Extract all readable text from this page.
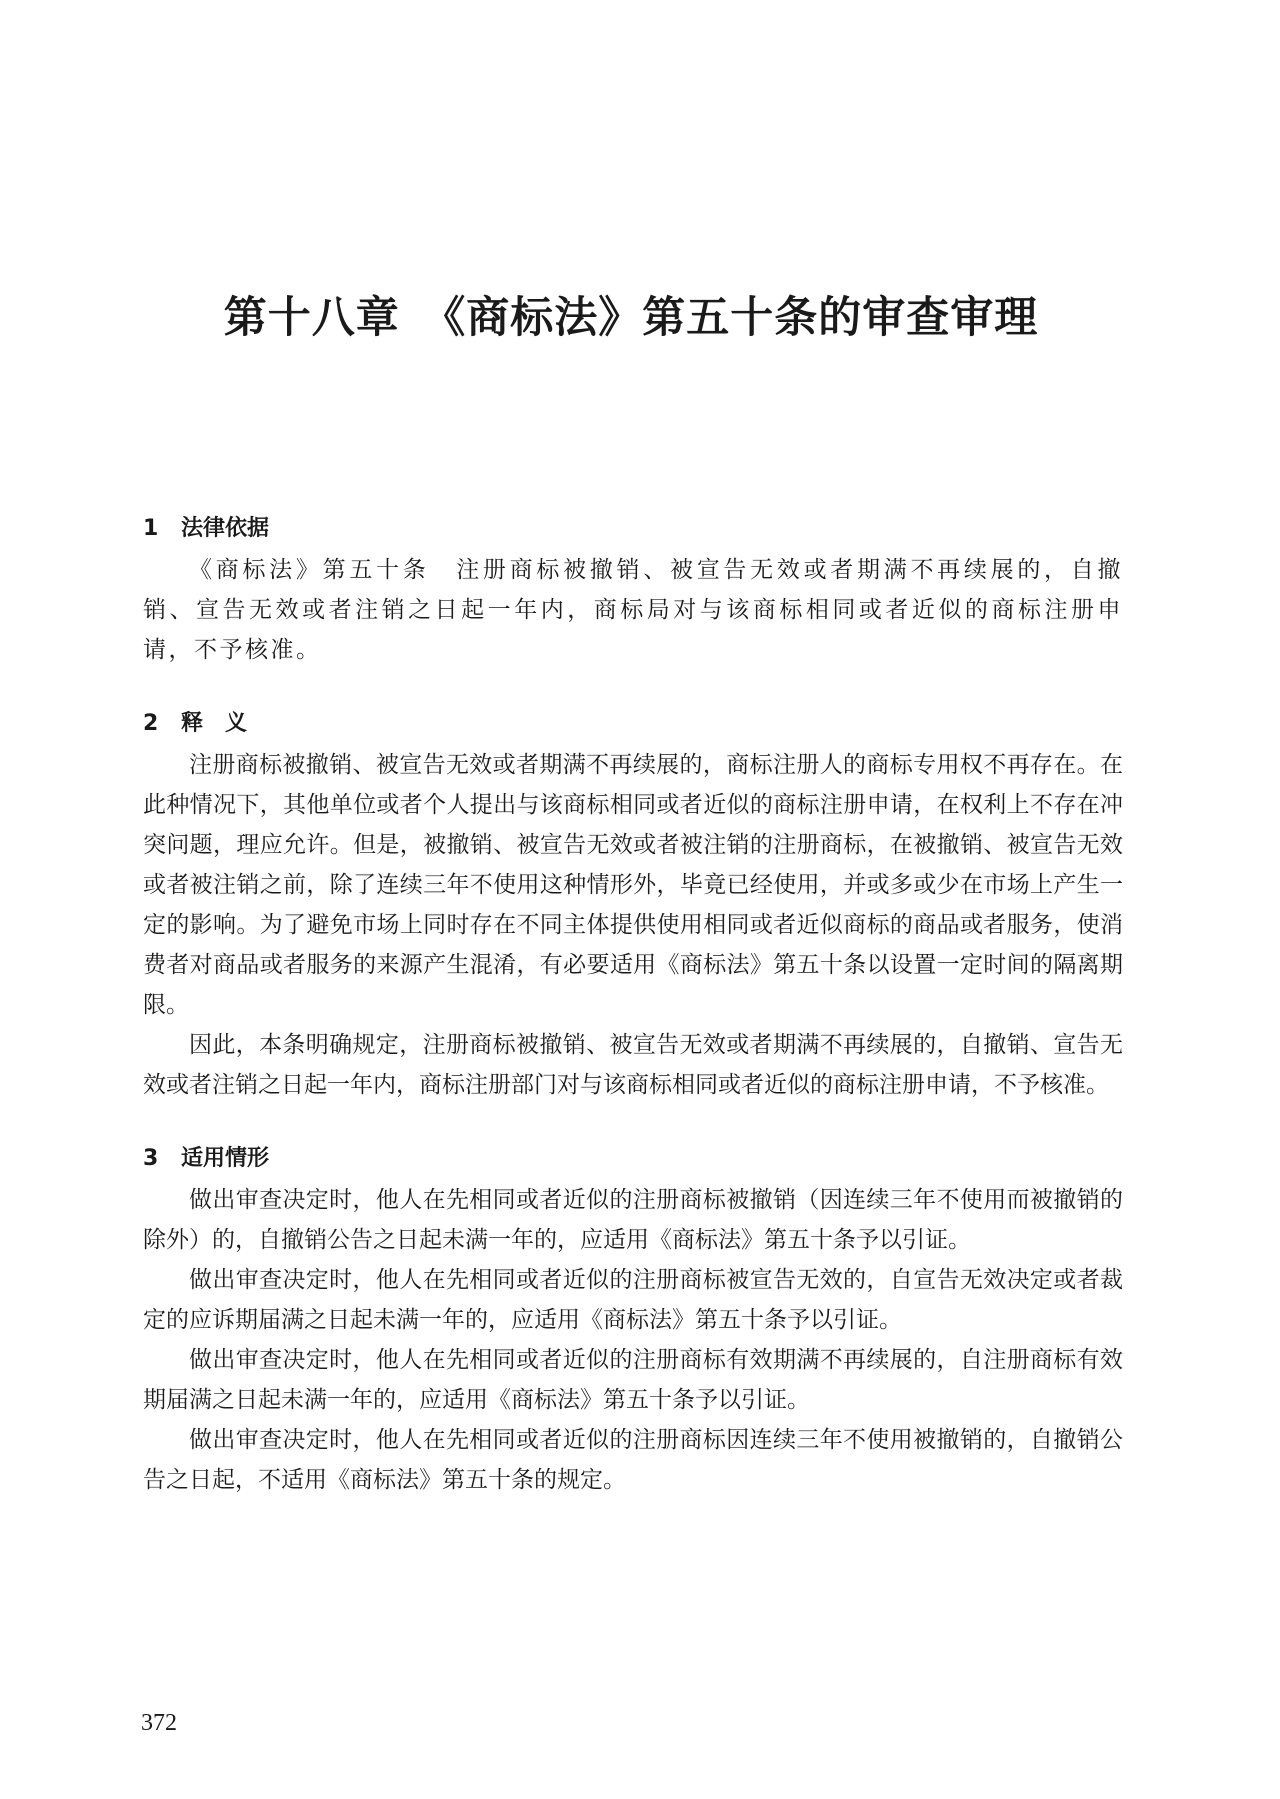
第十八章　《商标法》第五十条的审查审理
1 法律依据

《商标法》第五十条　注册商标被撤销、被宣告无效或者期满不再续展的，自撤销、宣告无效或者注销之日起一年内，商标局对与该商标相同或者近似的商标注册申请，不予核准。

2 释　义

注册商标被撤销、被宣告无效或者期满不再续展的，商标注册人的商标专用权不再存在。在此种情况下，其他单位或者个人提出与该商标相同或者近似的商标注册申请，在权利上不存在冲突问题，理应允许。但是，被撤销、被宣告无效或者被注销的注册商标，在被撤销、被宣告无效或者被注销之前，除了连续三年不使用这种情形外，毕竟已经使用，并或多或少在市场上产生一定的影响。为了避免市场上同时存在不同主体提供使用相同或者近似商标的商品或者服务，使消费者对商品或者服务的来源产生混淆，有必要适用《商标法》第五十条以设置一定时间的隔离期限。

因此，本条明确规定，注册商标被撤销、被宣告无效或者期满不再续展的，自撤销、宣告无效或者注销之日起一年内，商标注册部门对与该商标相同或者近似的商标注册申请，不予核准。

3 适用情形

做出审查决定时，他人在先相同或者近似的注册商标被撤销（因连续三年不使用而被撤销的除外）的，自撤销公告之日起未满一年的，应适用《商标法》第五十条予以引证。

做出审查决定时，他人在先相同或者近似的注册商标被宣告无效的，自宣告无效决定或者裁定的应诉期届满之日起未满一年的，应适用《商标法》第五十条予以引证。

做出审查决定时，他人在先相同或者近似的注册商标有效期满不再续展的，自注册商标有效期届满之日起未满一年的，应适用《商标法》第五十条予以引证。

做出审查决定时，他人在先相同或者近似的注册商标因连续三年不使用被撤销的，自撤销公告之日起，不适用《商标法》第五十条的规定。

372
